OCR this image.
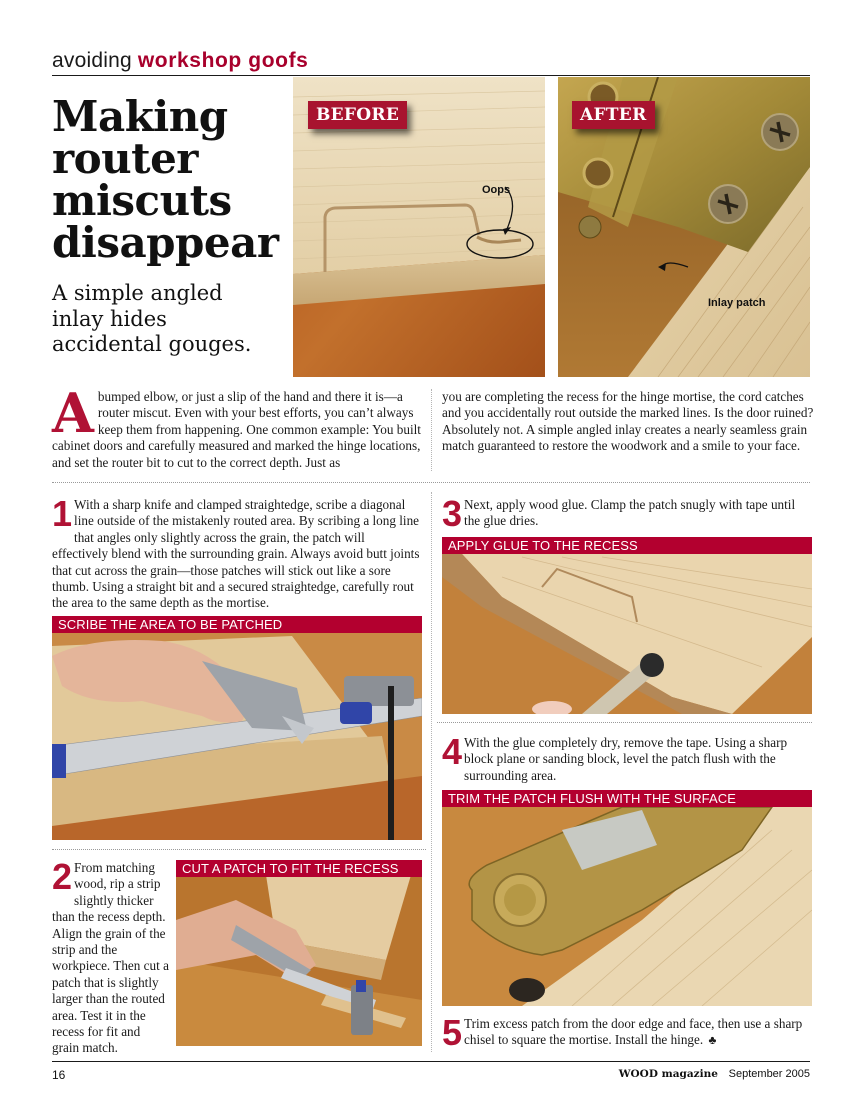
avoiding workshop goofs
Making
router
miscuts
disappear
A simple angled
inlay hides
accidental gouges.
BEFORE
Oops
AFTER
Inlay patch
A bumped elbow, or just a slip of the hand and there it is—a router miscut. Even with your best efforts, you can’t always keep them from happening. One common example: You built cabinet doors and carefully measured and marked the hinge locations, and set the router bit to cut to the correct depth. Just as
you are completing the recess for the hinge mortise, the cord catches and you accidentally rout outside the marked lines. Is the door ruined? Absolutely not. A simple angled inlay creates a nearly seamless grain match guaranteed to restore the woodwork and a smile to your face.
1 With a sharp knife and clamped straightedge, scribe a diagonal line outside of the mistakenly routed area. By scribing a long line that angles only slightly across the grain, the patch will effectively blend with the surrounding grain. Always avoid butt joints that cut across the grain—those patches will stick out like a sore thumb. Using a straight bit and a secured straightedge, carefully rout the area to the same depth as the mortise.
SCRIBE THE AREA TO BE PATCHED
2 From matching wood, rip a strip slightly thicker than the recess depth. Align the grain of the strip and the workpiece. Then cut a patch that is slightly larger than the routed area. Test it in the recess for fit and grain match.
CUT A PATCH TO FIT THE RECESS
3 Next, apply wood glue. Clamp the patch snugly with tape until the glue dries.
APPLY GLUE TO THE RECESS
4 With the glue completely dry, remove the tape. Using a sharp block plane or sanding block, level the patch flush with the surrounding area.
TRIM THE PATCH FLUSH WITH THE SURFACE
5 Trim excess patch from the door edge and face, then use a sharp chisel to square the mortise. Install the hinge. ♣
16	WOOD magazine September 2005
